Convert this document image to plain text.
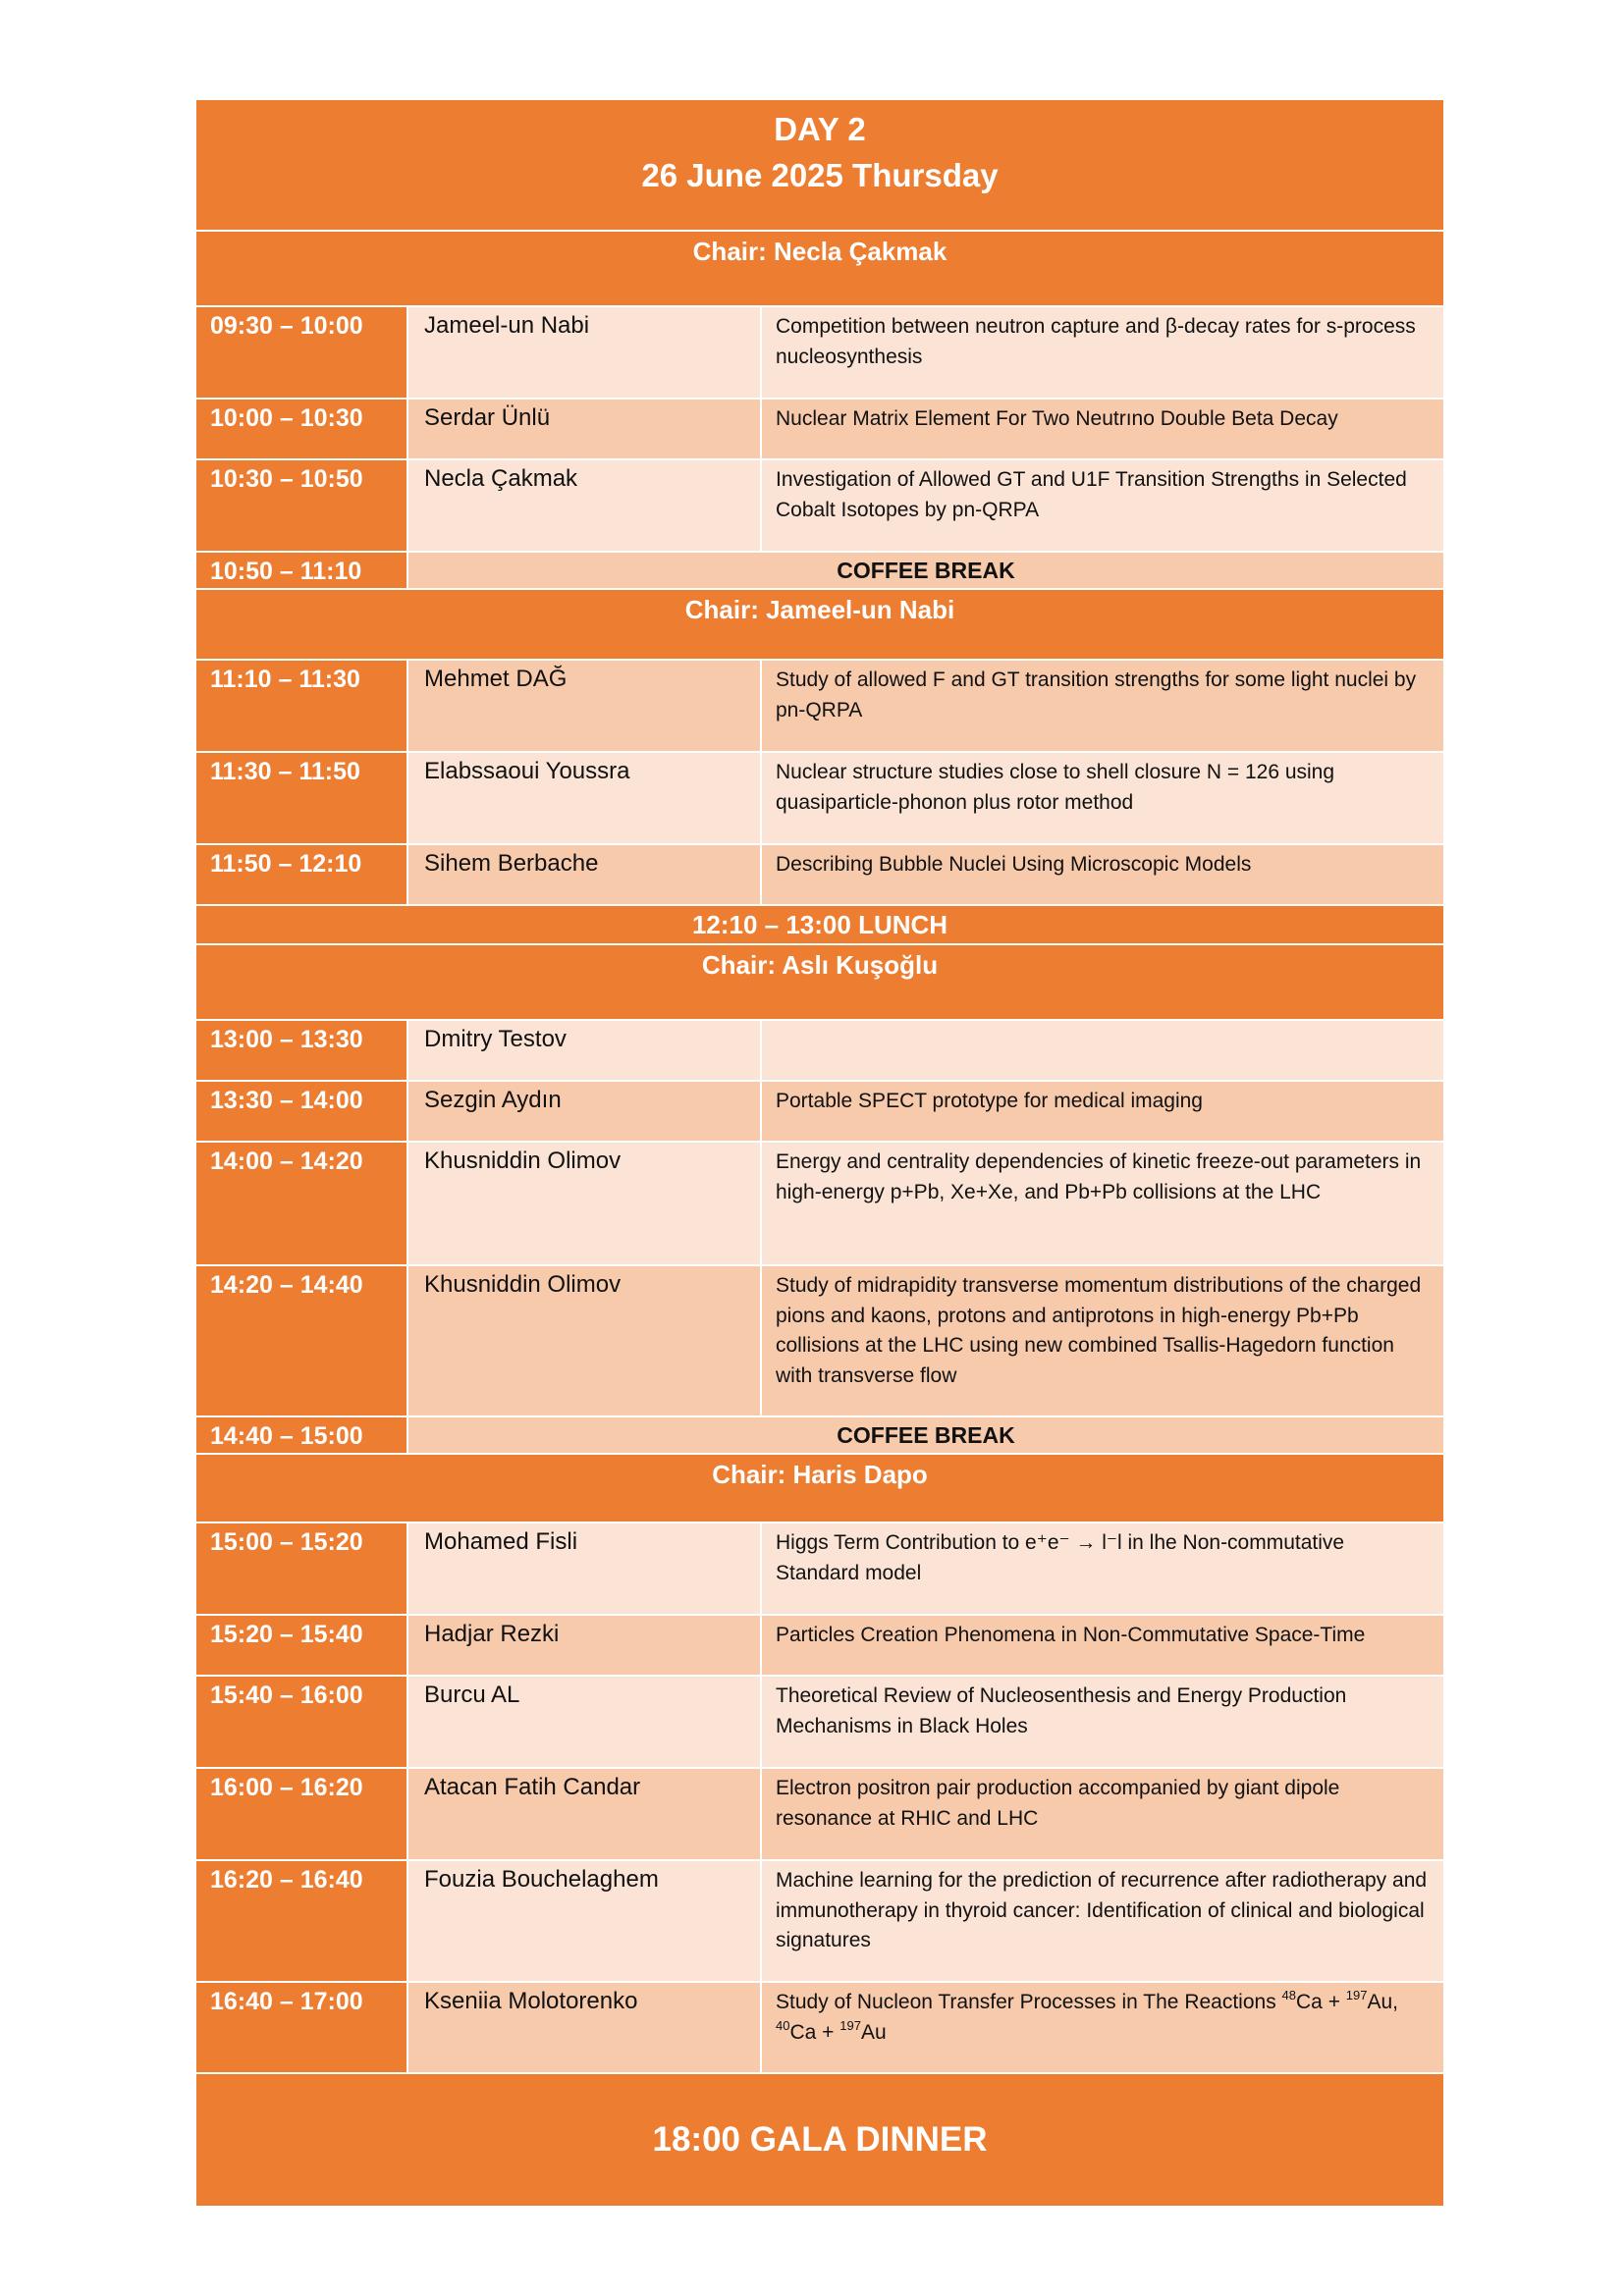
DAY 2
26 June 2025 Thursday
Chair: Necla Çakmak
09:30 – 10:00	Jameel-un Nabi	Competition between neutron capture and β-decay rates for s-process nucleosynthesis
10:00 – 10:30	Serdar Ünlü	Nuclear Matrix Element For Two Neutrıno Double Beta Decay
10:30 – 10:50	Necla Çakmak	Investigation of Allowed GT and U1F Transition Strengths in Selected Cobalt Isotopes by pn-QRPA
10:50 – 11:10	COFFEE BREAK
Chair: Jameel-un Nabi
11:10 – 11:30	Mehmet DAĞ	Study of allowed F and GT transition strengths for some light nuclei by pn-QRPA
11:30 – 11:50	Elabssaoui Youssra	Nuclear structure studies close to shell closure N = 126 using quasiparticle-phonon plus rotor method
11:50 – 12:10	Sihem Berbache	Describing Bubble Nuclei Using Microscopic Models
12:10 – 13:00 LUNCH
Chair: Aslı Kuşoğlu
13:00 – 13:30	Dmitry Testov
13:30 – 14:00	Sezgin Aydın	Portable SPECT prototype for medical imaging
14:00 – 14:20	Khusniddin Olimov	Energy and centrality dependencies of kinetic freeze-out parameters in high-energy p+Pb, Xe+Xe, and Pb+Pb collisions at the LHC
14:20 – 14:40	Khusniddin Olimov	Study of midrapidity transverse momentum distributions of the charged pions and kaons, protons and antiprotons in high-energy Pb+Pb collisions at the LHC using new combined Tsallis-Hagedorn function with transverse flow
14:40 – 15:00	COFFEE BREAK
Chair: Haris Dapo
15:00 – 15:20	Mohamed Fisli	Higgs Term Contribution to e⁺e⁻ → l⁻l in lhe Non-commutative Standard model
15:20 – 15:40	Hadjar Rezki	Particles Creation Phenomena in Non-Commutative Space-Time
15:40 – 16:00	Burcu AL	Theoretical Review of Nucleosenthesis and Energy Production Mechanisms in Black Holes
16:00 – 16:20	Atacan Fatih Candar	Electron positron pair production accompanied by giant dipole resonance at RHIC and LHC
16:20 – 16:40	Fouzia Bouchelaghem	Machine learning for the prediction of recurrence after radiotherapy and immunotherapy in thyroid cancer: Identification of clinical and biological signatures
16:40 – 17:00	Kseniia Molotorenko	Study of Nucleon Transfer Processes in The Reactions $^{48}$Ca + $^{197}$Au, $^{40}$Ca + $^{197}$Au
18:00 GALA DINNER
